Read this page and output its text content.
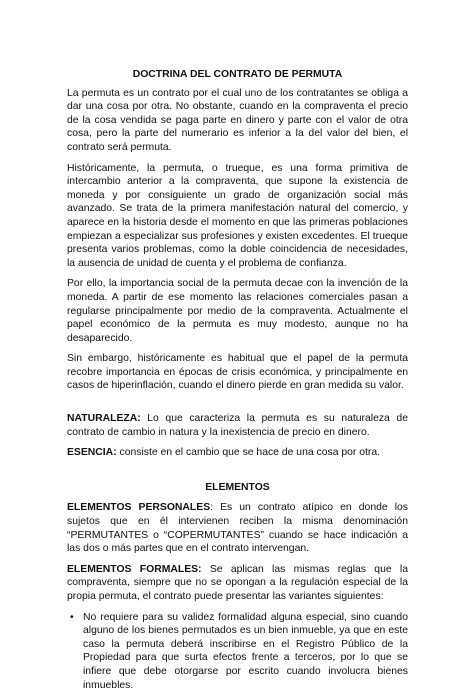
DOCTRINA DEL CONTRATO DE PERMUTA

La permuta es un contrato por el cual uno de los contratantes se obliga a dar una cosa por otra. No obstante, cuando en la compraventa el precio de la cosa vendida se paga parte en dinero y parte con el valor de otra cosa, pero la parte del numerario es inferior a la del valor del bien, el contrato será permuta.

Históricamente, la permuta, o trueque, es una forma primitiva de intercambio anterior a la compraventa, que supone la existencia de moneda y por consiguiente un grado de organización social más avanzado. Se trata de la primera manifestación natural del comercio, y aparece en la historia desde el momento en que las primeras poblaciones empiezan a especializar sus profesiones y existen excedentes. El trueque presenta varios problemas, como la doble coincidencia de necesidades, la ausencia de unidad de cuenta y el problema de confianza.

Por ello, la importancia social de la permuta decae con la invención de la moneda. A partir de ese momento las relaciones comerciales pasan a regularse principalmente por medio de la compraventa. Actualmente el papel económico de la permuta es muy modesto, aunque no ha desaparecido.

Sin embargo, históricamente es habitual que el papel de la permuta recobre importancia en épocas de crisis económica, y principalmente en casos de hiperinflación, cuando el dinero pierde en gran medida su valor.

NATURALEZA: Lo que caracteriza la permuta es su naturaleza de contrato de cambio in natura y la inexistencia de precio en dinero.

ESENCIA: consiste en el cambio que se hace de una cosa por otra.

ELEMENTOS

ELEMENTOS PERSONALES: Es un contrato atípico en donde los sujetos que en él intervienen reciben la misma denominación “PERMUTANTES o “COPERMUTANTES” cuando se hace indicación a las dos o más partes que en el contrato intervengan.

ELEMENTOS FORMALES: Se aplican las mismas reglas que la compraventa, siempre que no se opongan a la regulación especial de la propia permuta, el contrato puede presentar las variantes siguientes:

• No requiere para su validez formalidad alguna especial, sino cuando alguno de los bienes permutados es un bien inmueble, ya que en este caso la permuta deberá inscribirse en el Registro Público de la Propiedad para que surta efectos frente a terceros, por lo que se infiere que debe otorgarse por escrito cuando involucra bienes inmuebles.
